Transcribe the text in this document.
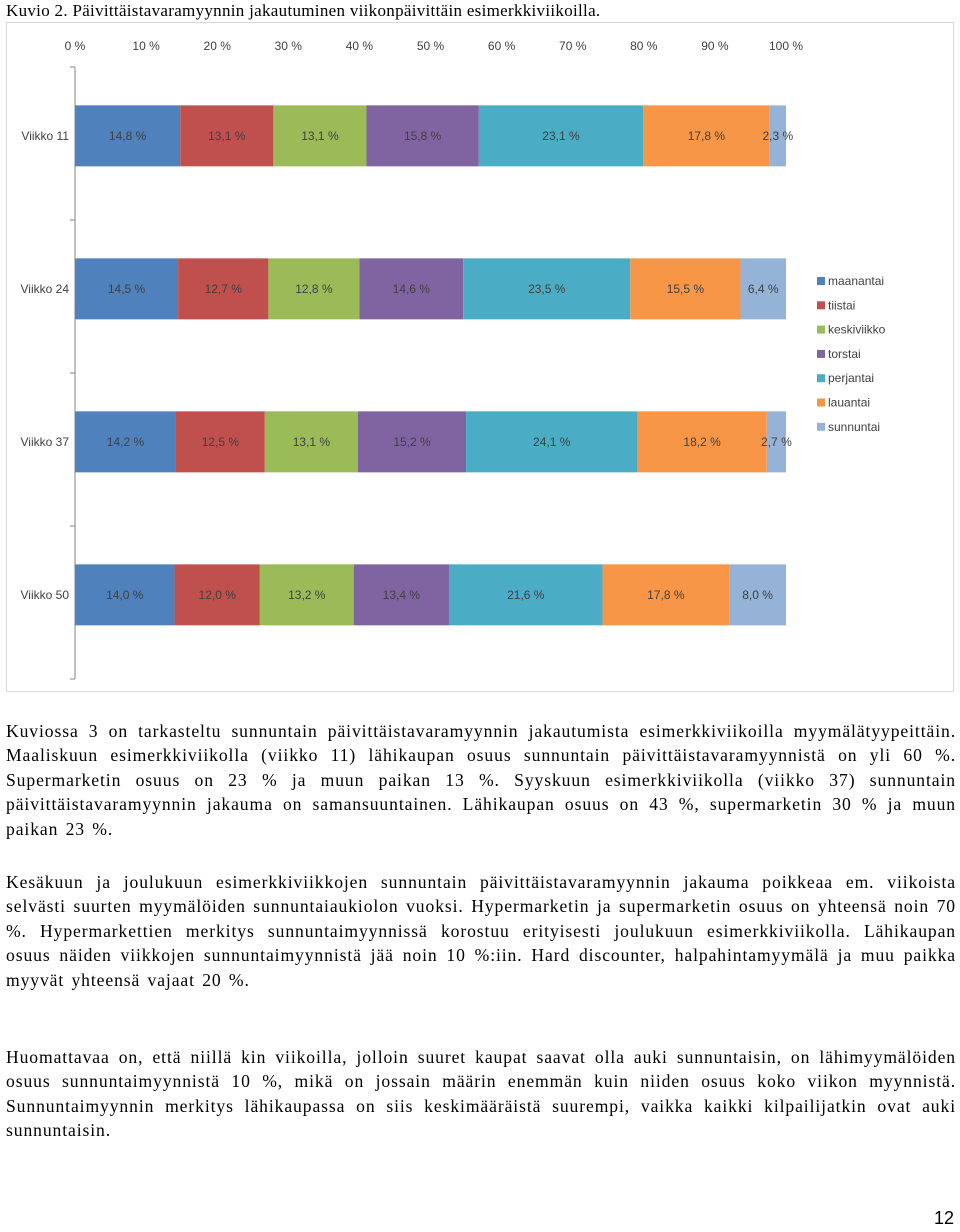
Kuvio 2. Päivittäistavaramyynnin jakautuminen viikonpäivittäin esimerkkiviikoilla.
0 %	10 %	20 %	30 %	40 %	50 %	60 %	70 %	80 %	90 %	100 %
Viikko 11	14,8 %	13,1 %	13,1 %	15,8 %	23,1 %	17,8 %	2,3 %
Viikko 24	14,5 %	12,7 %	12,8 %	14,6 %	23,5 %	15,5 %	6,4 %
Viikko 37	14,2 %	12,5 %	13,1 %	15,2 %	24,1 %	18,2 %	2,7 %
Viikko 50	14,0 %	12,0 %	13,2 %	13,4 %	21,6 %	17,8 %	8,0 %
maanantai
tiistai
keskiviikko
torstai
perjantai
lauantai
sunnuntai

Kuviossa 3 on tarkasteltu sunnuntain päivittäistavaramyynnin jakautumista esimerkkiviikoilla myymälätyypeittäin. Maaliskuun esimerkkiviikolla (viikko 11) lähikaupan osuus sunnuntain päivittäistavaramyynnistä on yli 60 %. Supermarketin osuus on 23 % ja muun paikan 13 %. Syyskuun esimerkkiviikolla (viikko 37) sunnuntain päivittäistavaramyynnin jakauma on samansuuntainen. Lähikaupan osuus on 43 %, supermarketin 30 % ja muun paikan 23 %.

Kesäkuun ja joulukuun esimerkkiviikkojen sunnuntain päivittäistavaramyynnin jakauma poikkeaa em. viikoista selvästi suurten myymälöiden sunnuntaiaukiolon vuoksi. Hypermarketin ja supermarketin osuus on yhteensä noin 70 %. Hypermarkettien merkitys sunnuntaimyynnissä korostuu erityisesti joulukuun esimerkkiviikolla. Lähikaupan osuus näiden viikkojen sunnuntaimyynnistä jää noin 10 %:iin. Hard discounter, halpahintamyymälä ja muu paikka myyvät yhteensä vajaat 20 %.

Huomattavaa on, että niillä kin viikoilla, jolloin suuret kaupat saavat olla auki sunnuntaisin, on lähimyymälöiden osuus sunnuntaimyynnistä 10 %, mikä on jossain määrin enemmän kuin niiden osuus koko viikon myynnistä. Sunnuntaimyynnin merkitys lähikaupassa on siis keskimääräistä suurempi, vaikka kaikki kilpailijatkin ovat auki sunnuntaisin.

12
